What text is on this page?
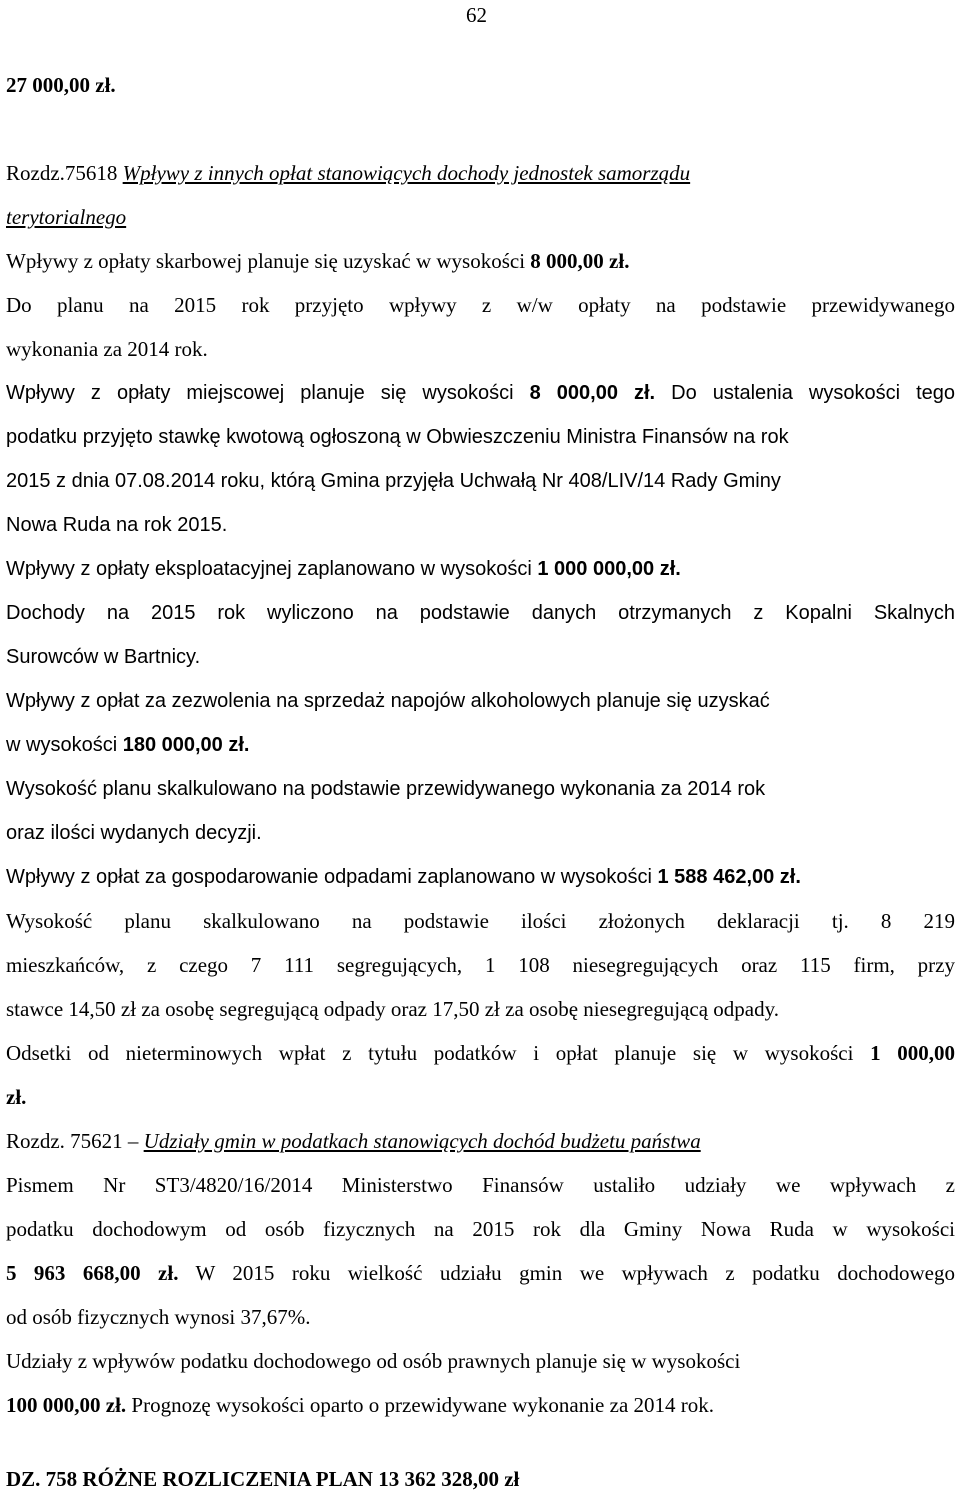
62
27 000,00 zł.
Rozdz.75618 Wpływy z innych opłat stanowiących dochody jednostek samorządu
terytorialnego
Wpływy z opłaty skarbowej planuje się uzyskać w wysokości 8 000,00 zł.
Do planu na 2015 rok przyjęto wpływy z w/w opłaty na podstawie przewidywanego
wykonania za 2014 rok.
Wpływy z opłaty miejscowej planuje się wysokości 8 000,00 zł. Do ustalenia wysokości tego
podatku przyjęto stawkę kwotową ogłoszoną w Obwieszczeniu Ministra Finansów na rok
2015 z dnia 07.08.2014 roku, którą Gmina przyjęła Uchwałą Nr 408/LIV/14 Rady Gminy
Nowa Ruda na rok 2015.
Wpływy z opłaty eksploatacyjnej zaplanowano w wysokości 1 000 000,00 zł.
Dochody na 2015 rok wyliczono na podstawie danych otrzymanych z Kopalni Skalnych
Surowców w Bartnicy.
Wpływy z opłat za zezwolenia na sprzedaż napojów alkoholowych planuje się uzyskać
w wysokości 180 000,00 zł.
Wysokość planu skalkulowano na podstawie przewidywanego wykonania za 2014 rok
oraz ilości wydanych decyzji.
Wpływy z opłat za gospodarowanie odpadami zaplanowano w wysokości 1 588 462,00 zł.
Wysokość planu skalkulowano na podstawie ilości złożonych deklaracji tj. 8 219
mieszkańców, z czego 7 111 segregujących, 1 108 niesegregujących oraz 115 firm, przy
stawce 14,50 zł za osobę segregującą odpady oraz 17,50 zł za osobę niesegregującą odpady.
Odsetki od nieterminowych wpłat z tytułu podatków i opłat planuje się w wysokości 1 000,00
zł.
Rozdz. 75621 – Udziały gmin w podatkach stanowiących dochód budżetu państwa
Pismem Nr ST3/4820/16/2014 Ministerstwo Finansów ustaliło udziały we wpływach z
podatku dochodowym od osób fizycznych na 2015 rok dla Gminy Nowa Ruda w wysokości
5 963 668,00 zł. W 2015 roku wielkość udziału gmin we wpływach z podatku dochodowego
od osób fizycznych wynosi 37,67%.
Udziały z wpływów podatku dochodowego od osób prawnych planuje się w wysokości
100 000,00 zł. Prognozę wysokości oparto o przewidywane wykonanie za 2014 rok.
DZ. 758 RÓŻNE ROZLICZENIA PLAN 13 362 328,00 zł
